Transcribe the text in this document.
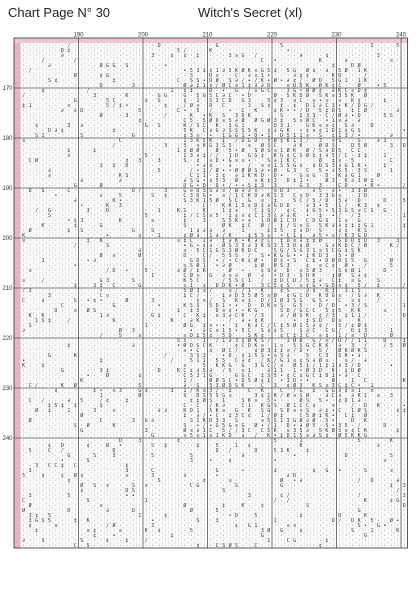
Chart Page N° 30	Witch's Secret (xl)
· · · · · · · / · · · · · · · · · · · · · D · · · · · · · · G · · · · · · · · · 5 · · · · · · · · · · · · · S · · · 5 ·
· · · · · · D ‡ · · · · · · · · · · · · · · · · 5 / · · · K · · · · · · · · · · · • · · · · · · · · · · · · · · · · · ·
· · · · · · ∂ · · · · · · · · · · · · · 3 · · ¢ · ¢ · ‡ · · · · 3 ≡ G · / · · · · · · ∂ · · · ¢ · · · · · · · 3 · · · ·
· · · / · · · · / · · · · · · · · · · · · · · · · · · · · · · · · · · · · C · • · · · · · · K · · · ≡ · · · · · · ≡ · ·
· · · · ∂ · · · · · · · Ø G G · S · · · · · • · · · · · · · · · · · · · · · · · · · · · · · · · ‡ · · D Ø · · · · · · ·
· / · · · · · · · · · · · · · · · · · · · · · · · • 5 3 ‡ ¢ 1 ∂ 5 K Ø K ≡ G 5 ‡ · 5 G · Ø ¢ · ∂ · 5 Ø · 1 K · · · · · ·
· · · · · · · · Ø · · · ¢ G · · · · · · · · · · · · 3 · · D ≡ · · C · ∂ ≡ 1 • · · · ∂ ‡ ¢ · · · K D · · · / · · · · · ·
· · · · S ¢ · · · · · · · · ‡ · · · · · · · · · C · S S • D Ø · S ∂ / • / K • Ø • ∂ ¢ / · Ø D · 5 G 1 · 1 K · · · · · ·
· · · · · · · · · · · · D · · · · 3 · · · · · · · Ø ∂ ‡ 1 ¢ / Ø C ∂ 1 ‡ ∂ ∂ D · · ≡ D D K · Ø K ¢ C · · Ø · · • 5 · · ·
· · · ¢ · · · · · · / · · · · · · · · · · · · 1 · ¢ ‡ · · D · • · G · / ≡ G C · · 3 G • Ø Ø ¢ · ∂ K C ≡ D ¢ · · · · · ·
/ · · · · · · · · · · 3 · · · · K · · · · G G · · G · 5 G 5 C ∂ C · • D · · · Ø · 5 K D Ø · S K ≡ 3 5 K · Ø · · · · · ·
· · · · · · · · G · · · · 5 C · · · · ¢ · S · · · ‡ · 1 · S 3 C D · G 3 · · 5 ¢ 3 · ≡ C · ≡ • ≡ · ≡ · K ¢ · · · ‡ · · ·
‡ 1 · · · · · ≡ · · · · · 5 / ‡ • · · · · · ¢ · · / Ø ≡ · D · C · · · 3 · S ¢ · ‡ · ¢ · D 1 ∂ C 3 • K / D G / · · · · ·
· · · · · · ∂ · ∂ D · · · · · · · · 5 · · · · · C • · 5 · / · · • · C · K · · ¢ K • • / D · 5 ‡ D 5 · ‡ C Ø · · · · ∂ ·
· · · · · · · · · · · · Ø · · · 3 · · · · · / · · · K · • K · S · 3 D K · · · · S · · ‡ 3 3 · C / Ø ∂ • D · · · 5 S · ·
· · · · · · · · · · · · · · · · · · ¢ · · · · · · C 5 · 5 Ø D ≡ 5 ∂ Ø · Ø G Ø 3 ‡ · 5 ≡ Ø C · • 1 ≡ ∂ · ∂ · · · · · · ·
· · ¢ · · · · 3 · ∂ · · · · · · · · · G · S · · · K / S C · K · ‡ G 1 · · · · D 3 1 · · G K ≡ ≡ ¢ · S ∂ · · D · · · · ·
· · · · D ∂ ¢ · · · · · · · ‡ · · · · · · · · · · 5 K · C ∂ G ∂ S S S 5 K · ¢ ∂ G K · • ¢ ≡ ¢ 1 D 1 ¢ G S · · · · · · •
· · S 1 · · · · · S · · · · · · · G · · · · · · · ¢ 3 ≡ · • · 1 G G 1 • D • 1 · D 5 1 1 ≡ · S · ¢ 1 3 / • · · · · ∂ · ·
≡ · · · · · · · · · · · · · · C · · · · · · · · · 1 3 K 5 K · ‡ · / D G D · ¢ Ø ‡ K 1 3 / · 3 · ≡ S · · S · · ∂ 3 · · ·
· · · · · · · · · · · · · · / · · · · · · · 3 · · 5 · ≡ K G 3 S 5 · · ≡ · Ø S C · · ∂ K · · Ø D S · · D 5 Ø · · · 3 · D
· · · · · · · ‡ · · · ‡ · · · · · · · · · · · · 1 ¢ Ø Ø · · Ø · 5 • Ø · S Ø S ≡ 1 Ø K · Ø / S ∂ D 5 · C C · · · · · · ·
· · · · · · · ≡ · · · · · · · · · · · 5 · · · · · 1 3 ∂ ‡ / / · 1 D · G G ‡ · K G ¢ C S Ø ‡ ‡ ∂ 5 / C · ‡ ‡ · · 1 · · ·
· C Ø · · · · · · · · · · · · · ¢ · 3 · · 3 · · · S · ¢ · ≡ D • G ≡ ≡ • · · S ∂ 1 K C · · · Ø · ‡ ≡ · 5 · · · · · C · ·
· · · · · · · · · · · · ‡ · ‡ · D · · · · · · · · · · • ∂ ¢ · · ∂ · · / · ≡ ≡ 1 S S G ¢ · ¢ D S 3 ∂ G 1 K • · · ‡ · · ·
· · · · ∂ · · · · · · · · · · · · · · · · 5 · · · · / • 1 / Ø • • Ø Ø Ø S ∂ • Ø · G 3 · C · 5 • ∂ 5 5 · 3 S · · · 1 · ·
· · · · ≡ · · · · · · · · · · K S · · · · · · · · · C 1 1 · ‡ ¢ · ∂ 1 K K D · D • · · G ≡ G · D · K ∂ G 1 · · Ø · · · ·
· · · · · · · · · ∂ · · · · · ∂ · · · · · · · · · ∂ S G • ¢ 5 3 · Ø · · ≡ K ‡ 3 · D ‡ 1 • · · Ø 3 · K ∂ 3 Ø ‡ · · · · ·
· · · · · · · · G · · · Ø · · · · · · · · · · · · D G • D · D • / • • 5 ‡ 3 · 3 · · · G 3 · 3 · · C D · · • K • · · · /
· D · S · · · C · · · · · · · · · D / · · · 3 · · G ≡ D S S ∂ ≡ / Ø ∂ ∂ ≡ · · ≡ D 3 · · · ∂ 5 · ∂ • · 3 3 Ø · · · · · ·
· · · · · • · · · · · · ∂ · · 5 · · · · S · ¢ · · C 3 D G • · ≡ / 1 C K D ∂ K S 3 · C ≡ D · 3 3 G ≡ · · 1 D · · · · · ·
· · · · · · · · ∂ · · · · · K • · · · · · · · · · S 3 K 1 5 Ø · S C · G · ≡ · ‡ · · 5 C / 5 / D · 5 ∂ · D · · · D · · 5
· · · · · · · · · • · · · K · 3 · · · · · · · · · · · · C · · K K 1 5 ¢ D ‡ ∂ G D D · · ∂ 3 • 5 · 1 / · K 3 · ¢ · · · ·
· · / · G · · · · · 3 · · D · · · · · · · 1 · · K S · · K · · 1 ‡ ≡ · · C ‡ S / · ¢ C · ¢ G 5 • 5 3 G 5 ≡ C S · G · · ·
· · · · S · · · · · · · · · · · · · · 5 · · · · · ‡ / C S ≡ 5 · ‡ ¢ ≡ ¢ C 1 3 ¢ ∂ ∂ K · • · ‡ · • / · / 3 · · · · · · 1
· · · · · · · • ¢ 3 · · · · · K · · · · ≡ · · · · ‡ · · 3 · · S 5 K • ≡ · 1 D Ø 1 C D · C D G S · 1 ≡ · G · · · · · · ·
· · · K · · · · ‡ · · · G · · · · · · · · · · · · S · · · · · Ø K · ‡ C · Ø / · ‡ / S ≡ S · 5 K ∂ ∂ ‡ ‡ ‡ G 1 · · · · ‡
· Ø · · · · · ‡ · S · · · · · · · G · · S · · · · · 1 ¢ ∂ ∂ · ∂ · · 1 · · · ‡ 3 5 · ¢ ∂ D · S · · ¢ ¢ · K S · · · · · ·
K · · · · · · · · · · · · • · · · · ¢ · · 1 · · · ¢ Ø ∂ · 1 ∂ / K · · ‡ 5 5 ≡ · • C 1 ¢ · ∂ 5 • ≡ / K 3 G D · · · · · ·
≡ · · · · · · · · · ‡ · K · · · · · · · · · · · ≡ ‡ C · 1 ∂ · ‡ ∂ K • K ∂ ¢ C · ‡ D ≡ ∂ ‡ ‡ Ø · · S D D ‡ D · 3 · · 3 ·
· · · · · · · · / · · · · S · · · · · · · · · · · • G • ¢ ∂ · Ø S 3 3 ∂ 3 K S 3 3 3 D ¢ Ø · · G ∂ K D C / Ø · · · K / ·
· · · · · · · · · · · · · · · · · · ∂ · · · · · · ≡ · 5 C 1 G S 3 Ø K D C · · S G / S G 3 1 ≡ 5 C G ‡ S K · · · · · · ·
· · · · · · · · · · · · Ø · ≡ · · · Ø · · · · · · D · · C / · 5 S S · / · S • K G G • • ‡ K D 3 · S • Ø · · · · · · · ·
· · · 1 · · · · · · • ∂ · · · · · · · · · · · · · · G D S · • / • C K ¢ Ø • · Ø ¢ • S · C ‡ • D Ø D S 5 · G · · · Ø · ·
· · · · · · · · • · · · · · · · · · · · · · · · · ≡ S Ø 1 · • ∂ Ø · · · ‡ Ø · Ø S 3 · · ¢ · ≡ C ¢ · Ø • · / · · · 5 · ·
· ≡ · · · · · · · · · · · / D · • · · 5 · · · · ∂ Ø / ‡ K · · · Ø · • · · ¢ S ∂ · D · ≡ 5 Ø 3 · · S ¢ Ø 1 · · · D · · ·
· · · · · · · · · · · · · · · · · · · · 1 · · · · C Ø ≡ · G · ∂ ≡ ∂ · Ø · ∂ · • D 3 · S D K · · ‡ Ø · S ∂ ¢ · · · · · ·
≡ · · / · · · · · · · · G 3 · · · S · · · · · · · K 5 C · · · / 5 S C 1 · / · ‡ D C D / 5 ‡ ∂ · C ‡ · ≡ G · · S · · · ·
· · · · · · · · ‡ · · 3 ‡ · C · · · G · · · · · · ≡ 1 · ∂ · D D K • Ø · · 3 C 5 ¢ S · ≡ ¢ G • G D ≡ ‡ · 5 / · ‡ · · · /
/ 3 · · · · · · · · · · • · · · · · · · · · · · · 5 Ø 3 ≡ / · · ≡ / / 1 · K · · ¢ 5 · · ∂ ¢ · K ‡ · 3 1 5 · · · · · · ·
· · · · 3 · · · · · · · C ≡ · · · · · · · · · · · ‡ C / · · · ‡ ∂ D 3 5 Ø 5 ≡ Ø · ¢ G C D · K D G ≡ · / S ∂ · K · · · ·
C · · ∂ · · · · S · • ¢ • · · · Ø · · · 3 · · · · · · ¢ ≡ / · S · K ≡ ‡ · D / 1 Ø 3 S G · G S • · C · ≡ ¢ · · / · · · ·
· · · · · · C · · · · · · · G · · · · · · • · · · K 5 S · 5 D 1 • • · D · D K ≡ S · G 5 · · D / D · • 3 / S · · · · · 1
· · · · · D · · ≡ · Ø S · · · · · · · · · · · · ‡ · ‡ 5 · · D ≡ ¢ • • K G · · · S D / G C C · 5 ¢ 5 · K K · · · ≡ · · ·
· K · K · · · · · · · · 1 ∂ · · · · · · G ‡ · · · C · K ‡ · ≡ 3 ∂ C K · / 3 · · ∂ / Ø S K · ¢ / 3 · ‡ 1 1 / · · · · · D
· · 1 S ‡ · · / · · · · · · K · · · · · · · · K · · ∂ K · · · · / · ∂ • ¢ K · · · · • · ‡ S D · D ≡ · · K · · · · · · ·
· S · · · · · · · · · · · · · · · · · 1 · · · · · Ø G · ‡ ≡ • • · ‡ · K ∂ C / C ‡ 5 Ø S S ∂ ¢ / · S / ¢ Ø ‡ · · · · · ·
∂ · · · · · · · · · · · · · · Ø · 3 · · · · · · · · • · ∂ C ≡ 1 5 • 5 C · S ¢ ¢ 5 · · S ∂ C · C G / · D ‡ 3 · · · 1 · ·
· · · · · · · · · · · · / · · 5 · · ≡ · · · · · · ≡ D ‡ 5 ¢ · 5 D · · S K ¢ · · ¢ C ‡ 3 C · ≡ ¢ · 1 / ≡ · D · · · Ø · ·
· · · · · · · · · · · · · · · · · · · · · · · · 5 5 · · 1 · / 1 ∂ 3 ‡ Ø K S / · · 3 Ø Ø · G / ≡ / D / / 1 1 · · D · · ‡
· · · · · · · ‡ · · · · · · · · · ∂ · · · · · · • Ø D S C K · · · ¢ C D K ≡ · 1 ≡ · 5 S G C K K · ∂ · 3 · / · · / 5 · Ø
· · · · · · · · · · · · · · · · · · · · · · · · · ≡ • C · ¢ · Ø C / · · ¢ Ø 3 ‡ ‡ ≡ / D • · 5 / · Ø K Ø K S · · · · · ·
· · · · G · · · K · · · · · · · · · · · · · / · · · 3 S 3 · · • D · ¢ 1 5 S • ≡ S ∂ · · 5 · C 3 · S K • ∂ · · · · · · ·
• · · · · · · · · · · · ‡ · · · · · · · · · · / · · 5 1 1 · 5 5 · C ∂ ¢ · / K / G 1 ≡ ¢ S ∂ Ø ≡ · · ≡ / · ∂ · · · · · ·
K · · ‡ · · · · · · · · · · · · · · · · · · · · · ≡ · · 5 · K K G · G · 3 G C / ≡ · Ø 5 ‡ / 1 ‡ 1 ∂ 3 / D · · · · • · ·
· · · · · · G · · · · · 3 ‡ · · · · · · · D · · K C ¢ ∂ 5 ∂ · / 5 · ≡ 1 · · ∂ 1 1 · 1 • Ø 3 D · K · ‡ D Ø · · · · · · ·
· · · · · · · · · · • · · Ø · · · · ¢ · · · · · · C 5 3 1 G · · · G G C · ‡ S 5 • ¢ C ¢ G C ‡ D ‡ • ∂ · C · · · · · · ·
· · · · · · · · · K · · · · · · · · · · · · · · · 1 / · · Ø Ø S C • D 5 Ø ¢ ‡ · • 3 D • • · · · Ø · · 1 · C · · · · · K
· C / · · · K · Ø · · · · · · · · · 5 · · · · · · ∂ · S · 5 3 Ø D S K · · C · 3 · ¢ Ø 3 · K S ≡ 3 C ‡ C • · 1 · · · · ·
· · · · · ¢ · · · · · ‡ • · ≡ 3 · · G ¢ · · · 3 · 1 / K ≡ 3 / · ‡ · · C · K · · C · / G · ‡ · G G ∂ ¢ ≡ 1 · ≡ · · · · ·
· · · · · · · · · · · · 1 · · · · · Ø · · · · · · S · D S 5 S G ≡ · · · 3 ¢ 1 K / Ø ≡ S Ø · · ∂ C ∂ · ∂ K 1 · ≡ · 3 · ·
· C · / · · · ∂ · 5 · · / ¢ · · ‡ · · · · · · · · · ¢ ‡ Ø S · 1 · · S K ≡ · 5 • · · · Ø S · 5 • · ¢ D 1 ∂ · · · · · · ·
· · · · ‡ 5 ‡ · ‡ · · · ‡ · · · · · · · · · · · · C · C · / K ∂ · · C 1 · K G S · Ø 1 C C ¢ · · ≡ · · / · D · K · · · •
· · Ø · ‡ · · 1 · · · 3 · · ≡ · · · · · · ∂ ∂ · · K D 1 · 5 K ≡ · G · K · S G · S D ≡ ≡ S · ∂ ‡ • C · 1 Ø S · · · · ¢ ‡
· · · · · · · · · Ø · · · · · · · · · · · · · · · ‡ · ∂ / • C · ‡ 3 C ¢ · 1 / Ø ‡ · · C 5 Ø ‡ K • · C ‡ · Ø · · · · · ·
· Ø · · · · · · · · · · C · · · · 3 · G ∂ · · · · · S 1 K D 3 3 · S · · · ≡ 5 S 1 3 G Ø ∂ Ø · 5 • · · D · K · · · · · ·
· · · · · · · · S · Ø · · · K · · · · · · · · · · S · • / • G 5 G ≡ G · Ø • / 1 · D • ∂ Ø 5 · 5 • 3 5 · / · · · D · · ·
· · · · · · · · · G · · · · · · · · · 3 · · · · · Ø ≡ ∂ 1 C · 5 / / 3 C · C 5 K · ≡ 3 5 ∂ · 5 K Ø 5 ≡ ¢ C K · · · · ‡ ·
· · · · · · · · · · · · · · · · · · · · G · · · · ≡ 5 ≡ 1 ≡ 1 K D · ∂ · / · K • ‡ D 1 5 ≡ ∂ S ¢ · Ø 5 K K G · · · · · ·
· · · · · · · · · · · · · · · D · · 3 · · · · · ¢ · · · · · · · · · · · · · · 5 · · · 1 · · · · · · · · 5 · · · · K · ·
· · · · ¢ · D · · · ¢ · · Ø · • · · · · 5 · ‡ · · · · ‡ · · 5 · · 1 · ¢ · · · · · · · K · · · · · · · · · · · ∂ · · · ·
· 5 · · C · / · · · · · · · D · · · · · · · · · · · · · · · D · / · · · D · · 5 3 K · · ‡ · · · · · · · · · · · · · · ·
· · · · · · · G · · · S · · 3 · · · · · 5 · · · · · S · · · · · · · ∂ · · · · · · · • · · · · · · · D · · · · · · S · ·
· · · · · · • · · · S · · · · · · · · · · · · · · · 3 · · • · · ¢ · · · · · · • · · · · · · · · · · · · · · · · ≡ · · ·
· · 3 · C C ‡ · C · · · · · · · ‡ · · · · · · · · · · · · · · · · · · · · · · · · · · · · · · · · · · · · · · · · · · ·
· 3 · · · · · · · · · · · · · · 3 · · · C · · · · · · · · · G · · · • · · · · ‡ · · · · · ¢ · G · • · · · S · · · ≡ · ·
5 · · ¢ · · ¢ · Ø ¢ · · · · · · ≡ · · · 3 · · · · ∂ · · · · • · · · · · · · · · · ∂ D · · · · · · · · · · · · · · · · ·
· · · · · · · ¢ · · · · · · · · · · · · · S · · · · · · ¢ · · · ≡ · · · · · · · Ø · • ∂ · · · · · · · · / · D · · · ∂ ·
· · · · · · · · · Ø · S · ≡ · · · S · ≡ · · · · · · C G · · · · · S · · · · · · G · · · · · · · · · · · · · · · · ‡ · 3
· · · · · · · · · ¢ · · · · · · D S · · · · · · · · · · · · · S · · · · · · · · · · · · · · · · · · · · · · · · · · / ·
· 3 · · · · · 5 · · · · · · · · • • · · · · · · · · · · · · · · · · · 3 · · · · ¢ / · · · · · · · · · · / · · · · · · 3
C · · · · · · · · · S · · · · · · · · 1 · · · · · · · · · · · · · · · · · · · / · / · · · · · · · · · · · K · · · ¢ G ·
· Ø · · · · · · · · · · ≡ · · · · · · · · · · · · Ø · · · · · ‡ · · K · · ¢ · · · · · · S · · · · · · · · · · · · · · D
Ø · · · · · · D · · · · · ∂ · · · D · · · · · · · · Ø · · · 5 · · · · · · · · · · · · · · · · · · · · · G · · · · · · ·
· 3 ¢ · 5 · · · · · · · · · · · · · 1 · · · ¢ · · · · · · · · · • D · · 5 · · · · · · ‡ · · · · · D · · · K · · · · · ·
· 3 G S 5 · · · ‡ · K · · · · · · · · · • · · · · · · S · · 3 · · · · · · · · 1 · · · · · · · · D / · D K · 5 · · Ø • ·
· ¢ · · · ≡ · · · · · · · / Ø · · · · · 3 · · · · · · · · · · · · ¢ · G 1 · · · · ≡ ≡ · · · · · · · · · S • · G • · · ·
· · ‡ · · · · · · · ≡ ¢ · · · ≡ · · · K · ¢ · · · · 5 · · · · · · · · · · 3 Ø · G · · ¢ · · · · · · · S · · 1 · · · K ·
· · · · · · · · · · · ¢ · · • · · · · · · · · ‡ · · · · · · · · · · · · · G · · · · · · · · · · · · · · · G · · · · · ·
∂ · · S · · · · · S · · · ¢ · · ‡ · · / · · · · · · · · · · · · · · · · · · 1 · · C G · · · · ‡ · · · · · · · · · · · ·
· · · · · · · · C · 5 · · · · · · · · · · · · · · · · ¢ · · C S Ø 5 · · C · · · · · · · · · ¢ · · · · · · · · · · · · ·
190	200	210	220	230	240
170
180
190
200
210
220
230
240
